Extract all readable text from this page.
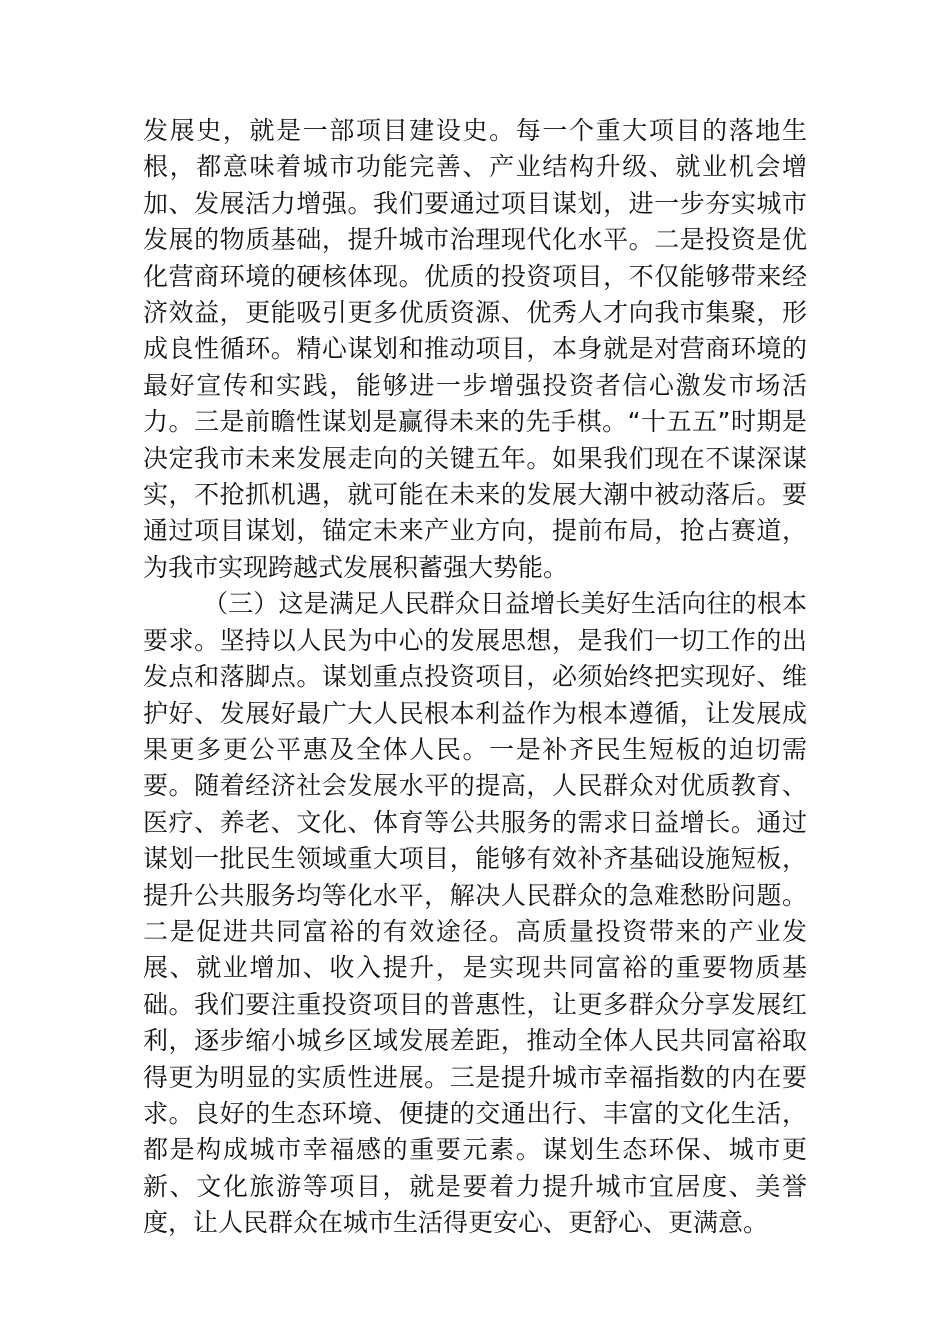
发展史，就是一部项目建设史。每一个重大项目的落地生根，都意味着城市功能完善、产业结构升级、就业机会增加、发展活力增强。我们要通过项目谋划，进一步夯实城市发展的物质基础，提升城市治理现代化水平。二是投资是优化营商环境的硬核体现。优质的投资项目，不仅能够带来经济效益，更能吸引更多优质资源、优秀人才向我市集聚，形成良性循环。精心谋划和推动项目，本身就是对营商环境的最好宣传和实践，能够进一步增强投资者信心激发市场活力。三是前瞻性谋划是赢得未来的先手棋。“十五五”时期是决定我市未来发展走向的关键五年。如果我们现在不谋深谋实，不抢抓机遇，就可能在未来的发展大潮中被动落后。要通过项目谋划，锚定未来产业方向，提前布局，抢占赛道，为我市实现跨越式发展积蓄强大势能。

（三）这是满足人民群众日益增长美好生活向往的根本要求。坚持以人民为中心的发展思想，是我们一切工作的出发点和落脚点。谋划重点投资项目，必须始终把实现好、维护好、发展好最广大人民根本利益作为根本遵循，让发展成果更多更公平惠及全体人民。一是补齐民生短板的迫切需要。随着经济社会发展水平的提高，人民群众对优质教育、医疗、养老、文化、体育等公共服务的需求日益增长。通过谋划一批民生领域重大项目，能够有效补齐基础设施短板，提升公共服务均等化水平，解决人民群众的急难愁盼问题。二是促进共同富裕的有效途径。高质量投资带来的产业发展、就业增加、收入提升，是实现共同富裕的重要物质基础。我们要注重投资项目的普惠性，让更多群众分享发展红利，逐步缩小城乡区域发展差距，推动全体人民共同富裕取得更为明显的实质性进展。三是提升城市幸福指数的内在要求。良好的生态环境、便捷的交通出行、丰富的文化生活，都是构成城市幸福感的重要元素。谋划生态环保、城市更新、文化旅游等项目，就是要着力提升城市宜居度、美誉度，让人民群众在城市生活得更安心、更舒心、更满意。
